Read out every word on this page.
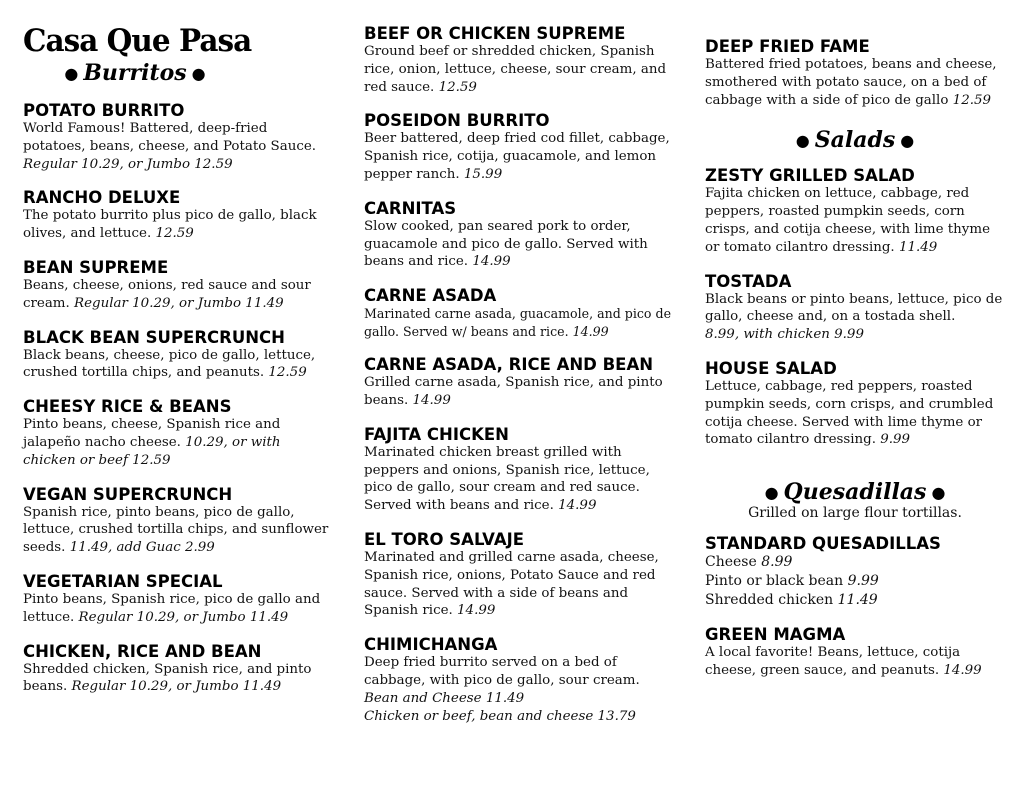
Casa Que Pasa
● Burritos ●
POTATO BURRITO
World Famous! Battered, deep-fried potatoes, beans, cheese, and Potato Sauce. Regular 10.29, or Jumbo 12.59
RANCHO DELUXE
The potato burrito plus pico de gallo, black olives, and lettuce. 12.59
BEAN SUPREME
Beans, cheese, onions, red sauce and sour cream. Regular 10.29, or Jumbo 11.49
BLACK BEAN SUPERCRUNCH
Black beans, cheese, pico de gallo, lettuce, crushed tortilla chips, and peanuts. 12.59
CHEESY RICE & BEANS
Pinto beans, cheese, Spanish rice and jalapeño nacho cheese. 10.29, or with chicken or beef 12.59
VEGAN SUPERCRUNCH
Spanish rice, pinto beans, pico de gallo, lettuce, crushed tortilla chips, and sunflower seeds. 11.49, add Guac 2.99
VEGETARIAN SPECIAL
Pinto beans, Spanish rice, pico de gallo and lettuce. Regular 10.29, or Jumbo 11.49
CHICKEN, RICE AND BEAN
Shredded chicken, Spanish rice, and pinto beans. Regular 10.29, or Jumbo 11.49
BEEF OR CHICKEN SUPREME
Ground beef or shredded chicken, Spanish rice, onion, lettuce, cheese, sour cream, and red sauce. 12.59
POSEIDON BURRITO
Beer battered, deep fried cod fillet, cabbage, Spanish rice, cotija, guacamole, and lemon pepper ranch. 15.99
CARNITAS
Slow cooked, pan seared pork to order, guacamole and pico de gallo. Served with beans and rice. 14.99
CARNE ASADA
Marinated carne asada, guacamole, and pico de gallo. Served w/ beans and rice. 14.99
CARNE ASADA, RICE AND BEAN
Grilled carne asada, Spanish rice, and pinto beans. 14.99
FAJITA CHICKEN
Marinated chicken breast grilled with peppers and onions, Spanish rice, lettuce, pico de gallo, sour cream and red sauce. Served with beans and rice. 14.99
EL TORO SALVAJE
Marinated and grilled carne asada, cheese, Spanish rice, onions, Potato Sauce and red sauce. Served with a side of beans and Spanish rice. 14.99
CHIMICHANGA
Deep fried burrito served on a bed of cabbage, with pico de gallo, sour cream.
Bean and Cheese 11.49
Chicken or beef, bean and cheese 13.79
DEEP FRIED FAME
Battered fried potatoes, beans and cheese, smothered with potato sauce, on a bed of cabbage with a side of pico de gallo 12.59
● Salads ●
ZESTY GRILLED SALAD
Fajita chicken on lettuce, cabbage, red peppers, roasted pumpkin seeds, corn crisps, and cotija cheese, with lime thyme or tomato cilantro dressing. 11.49
TOSTADA
Black beans or pinto beans, lettuce, pico de gallo, cheese and, on a tostada shell.
8.99, with chicken 9.99
HOUSE SALAD
Lettuce, cabbage, red peppers, roasted pumpkin seeds, corn crisps, and crumbled cotija cheese. Served with lime thyme or tomato cilantro dressing. 9.99
● Quesadillas ●
Grilled on large flour tortillas.
STANDARD QUESADILLAS
Cheese 8.99
Pinto or black bean 9.99
Shredded chicken 11.49
GREEN MAGMA
A local favorite! Beans, lettuce, cotija cheese, green sauce, and peanuts. 14.99
